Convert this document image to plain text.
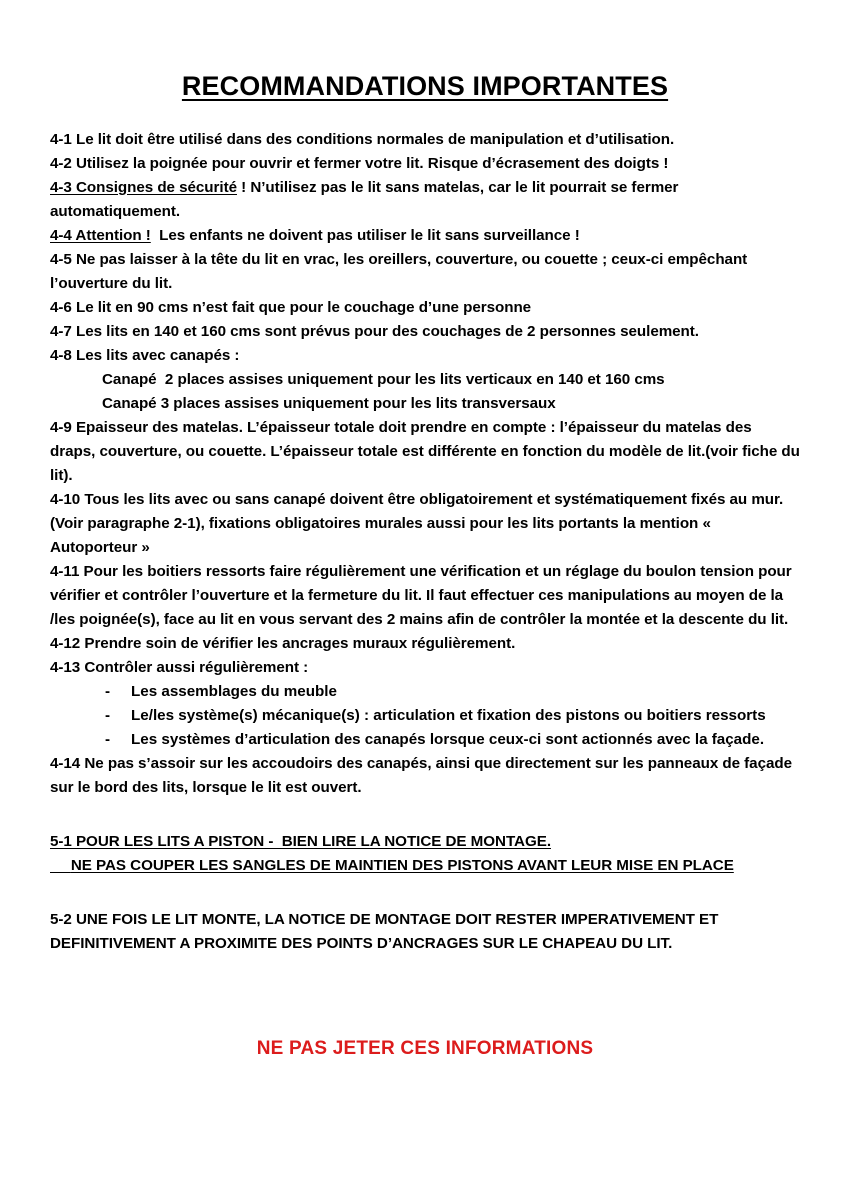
RECOMMANDATIONS IMPORTANTES

4-1 Le lit doit être utilisé dans des conditions normales de manipulation et d’utilisation.

4-2 Utilisez la poignée pour ouvrir et fermer votre lit. Risque d’écrasement des doigts !

4-3 Consignes de sécurité ! N’utilisez pas le lit sans matelas, car le lit pourrait se fermer automatiquement.

4-4 Attention !  Les enfants ne doivent pas utiliser le lit sans surveillance !

4-5 Ne pas laisser à la tête du lit en vrac, les oreillers, couverture, ou couette ; ceux-ci empêchant l’ouverture du lit.

4-6 Le lit en 90 cms n’est fait que pour le couchage d’une personne

4-7 Les lits en 140 et 160 cms sont prévus pour des couchages de 2 personnes seulement.

4-8 Les lits avec canapés :

Canapé  2 places assises uniquement pour les lits verticaux en 140 et 160 cms

Canapé 3 places assises uniquement pour les lits transversaux

4-9 Epaisseur des matelas. L’épaisseur totale doit prendre en compte : l’épaisseur du matelas des draps, couverture, ou couette. L’épaisseur totale est différente en fonction du modèle de lit.(voir fiche du lit).

4-10 Tous les lits avec ou sans canapé doivent être obligatoirement et systématiquement fixés au mur. (Voir paragraphe 2-1), fixations obligatoires murales aussi pour les lits portants la mention « Autoporteur »

4-11 Pour les boitiers ressorts faire régulièrement une vérification et un réglage du boulon tension pour vérifier et contrôler l’ouverture et la fermeture du lit. Il faut effectuer ces manipulations au moyen de la /les poignée(s), face au lit en vous servant des 2 mains afin de contrôler la montée et la descente du lit.

4-12 Prendre soin de vérifier les ancrages muraux régulièrement.

4-13 Contrôler aussi régulièrement :

-	Les assemblages du meuble
-	Le/les système(s) mécanique(s) : articulation et fixation des pistons ou boitiers ressorts
-	Les systèmes d’articulation des canapés lorsque ceux-ci sont actionnés avec la façade.

4-14 Ne pas s’assoir sur les accoudoirs des canapés, ainsi que directement sur les panneaux de façade sur le bord des lits, lorsque le lit est ouvert.

5-1 POUR LES LITS A PISTON -  BIEN LIRE LA NOTICE DE MONTAGE.

NE PAS COUPER LES SANGLES DE MAINTIEN DES PISTONS AVANT LEUR MISE EN PLACE

5-2 UNE FOIS LE LIT MONTE, LA NOTICE DE MONTAGE DOIT RESTER IMPERATIVEMENT ET DEFINITIVEMENT A PROXIMITE DES POINTS D’ANCRAGES SUR LE CHAPEAU DU LIT.

NE PAS JETER CES INFORMATIONS
